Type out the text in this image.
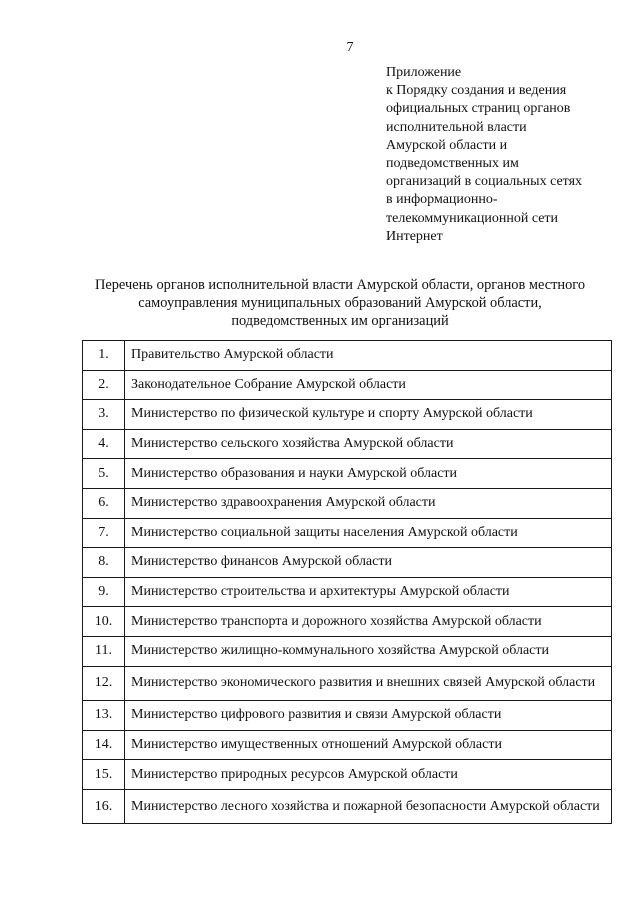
7
Приложение
к Порядку создания и ведения
официальных страниц органов
исполнительной власти
Амурской области и
подведомственных им
организаций в социальных сетях
в информационно-
телекоммуникационной сети
Интернет
Перечень органов исполнительной власти Амурской области, органов местного
самоуправления муниципальных образований Амурской области,
подведомственных им организаций
1.	Правительство Амурской области
2.	Законодательное Собрание Амурской области
3.	Министерство по физической культуре и спорту Амурской области
4.	Министерство сельского хозяйства Амурской области
5.	Министерство образования и науки Амурской области
6.	Министерство здравоохранения Амурской области
7.	Министерство социальной защиты населения Амурской области
8.	Министерство финансов Амурской области
9.	Министерство строительства и архитектуры Амурской области
10.	Министерство транспорта и дорожного хозяйства Амурской области
11.	Министерство жилищно-коммунального хозяйства Амурской области
12.	Министерство экономического развития и внешних связей Амурской области
13.	Министерство цифрового развития и связи Амурской области
14.	Министерство имущественных отношений Амурской области
15.	Министерство природных ресурсов Амурской области
16.	Министерство лесного хозяйства и пожарной безопасности Амурской области
